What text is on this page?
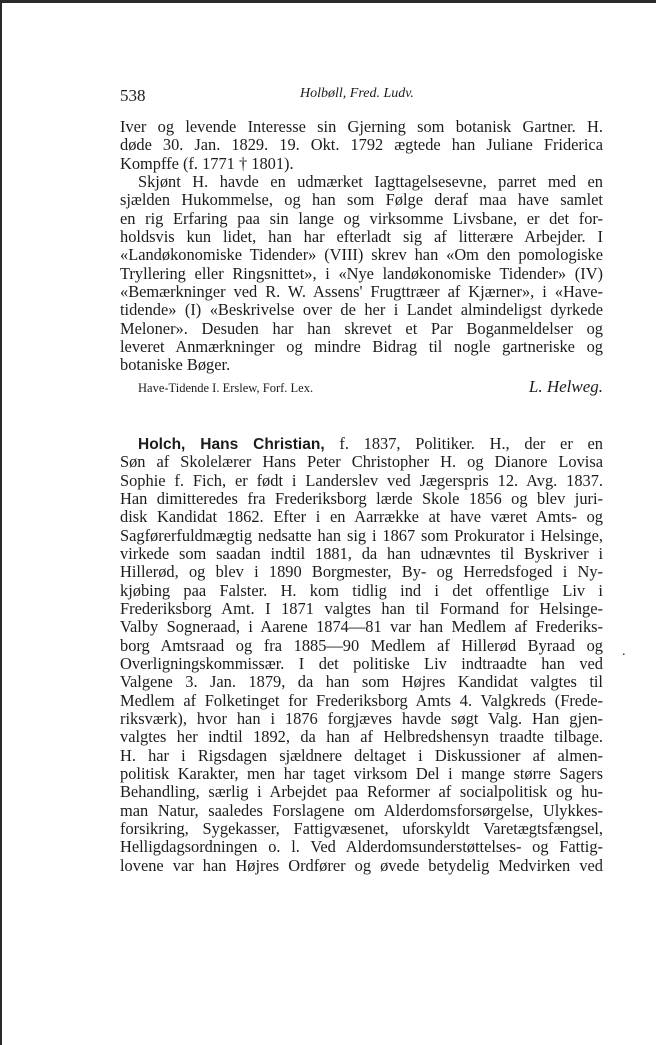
538	Holbøll, Fred. Ludv.
Iver og levende Interesse sin Gjerning som botanisk Gartner. H.
døde 30. Jan. 1829. 19. Okt. 1792 ægtede han Juliane Friderica
Kompffe (f. 1771 † 1801).
Skjønt H. havde en udmærket Iagttagelsesevne, parret med en
sjælden Hukommelse, og han som Følge deraf maa have samlet
en rig Erfaring paa sin lange og virksomme Livsbane, er det for-
holdsvis kun lidet, han har efterladt sig af litterære Arbejder. I
«Landøkonomiske Tidender» (VIII) skrev han «Om den pomologiske
Tryllering eller Ringsnittet», i «Nye landøkonomiske Tidender» (IV)
«Bemærkninger ved R. W. Assens' Frugttræer af Kjærner», i «Have-
tidende» (I) «Beskrivelse over de her i Landet almindeligst dyrkede
Meloner». Desuden har han skrevet et Par Boganmeldelser og
leveret Anmærkninger og mindre Bidrag til nogle gartneriske og
botaniske Bøger.
Have-Tidende I. Erslew, Forf. Lex.	L. Helweg.
Holch, Hans Christian, f. 1837, Politiker. H., der er en
Søn af Skolelærer Hans Peter Christopher H. og Dianore Lovisa
Sophie f. Fich, er født i Landerslev ved Jægerspris 12. Avg. 1837.
Han dimitteredes fra Frederiksborg lærde Skole 1856 og blev juri-
disk Kandidat 1862. Efter i en Aarrække at have været Amts- og
Sagførerfuldmægtig nedsatte han sig i 1867 som Prokurator i Helsinge,
virkede som saadan indtil 1881, da han udnævntes til Byskriver i
Hillerød, og blev i 1890 Borgmester, By- og Herredsfoged i Ny-
kjøbing paa Falster. H. kom tidlig ind i det offentlige Liv i
Frederiksborg Amt. I 1871 valgtes han til Formand for Helsinge-
Valby Sogneraad, i Aarene 1874—81 var han Medlem af Frederiks-
borg Amtsraad og fra 1885—90 Medlem af Hillerød Byraad og
Overligningskommissær. I det politiske Liv indtraadte han ved
Valgene 3. Jan. 1879, da han som Højres Kandidat valgtes til
Medlem af Folketinget for Frederiksborg Amts 4. Valgkreds (Frede-
riksværk), hvor han i 1876 forgjæves havde søgt Valg. Han gjen-
valgtes her indtil 1892, da han af Helbredshensyn traadte tilbage.
H. har i Rigsdagen sjældnere deltaget i Diskussioner af almen-
politisk Karakter, men har taget virksom Del i mange større Sagers
Behandling, særlig i Arbejdet paa Reformer af socialpolitisk og hu-
man Natur, saaledes Forslagene om Alderdomsforsørgelse, Ulykkes-
forsikring, Sygekasser, Fattigvæsenet, uforskyldt Varetægtsfængsel,
Helligdagsordningen o. l. Ved Alderdomsunderstøttelses- og Fattig-
lovene var han Højres Ordfører og øvede betydelig Medvirken ved
.
